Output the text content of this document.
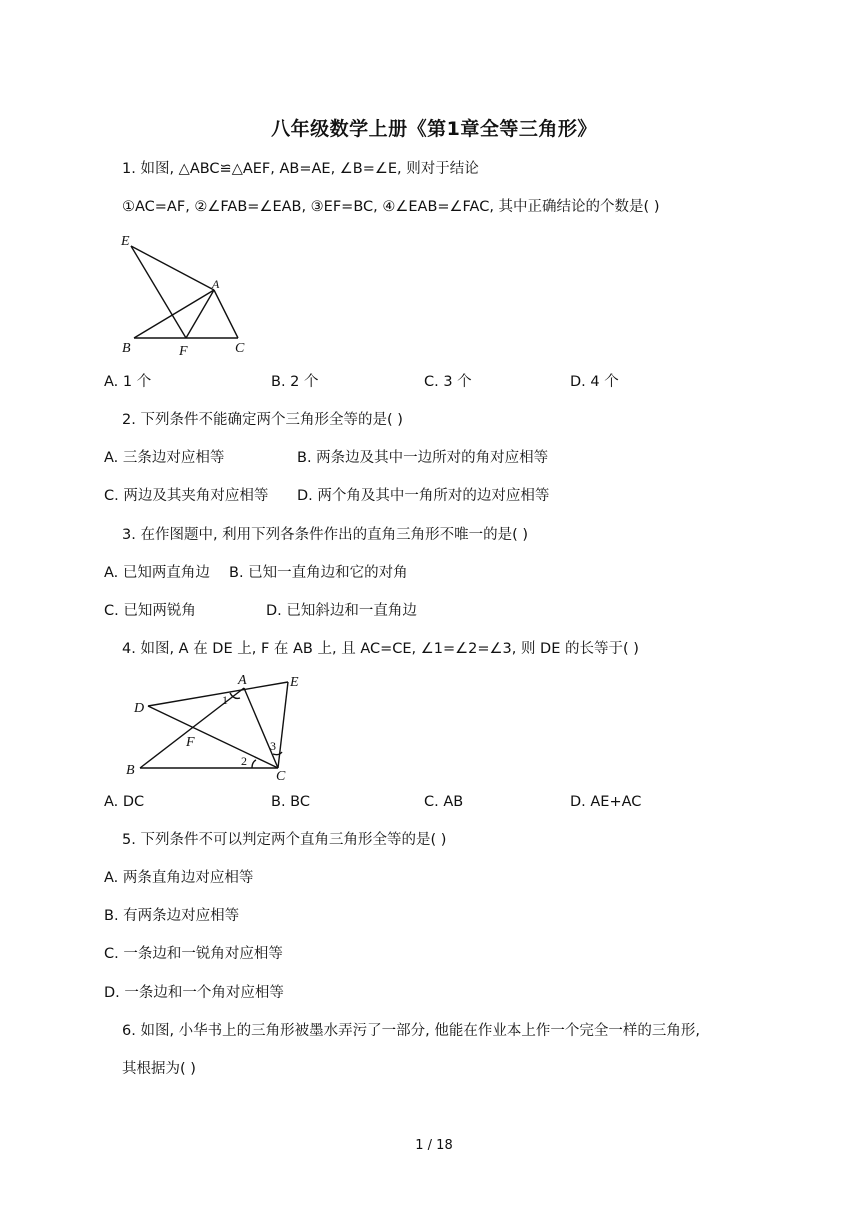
八年级数学上册《第1章全等三角形》
1. 如图, △ABC≌△AEF, AB=AE, ∠B=∠E, 则对于结论
①AC=AF, ②∠FAB=∠EAB, ③EF=BC, ④∠EAB=∠FAC, 其中正确结论的个数是( )
E
A
B	F	C
A. 1 个	B. 2 个	C. 3 个	D. 4 个
2. 下列条件不能确定两个三角形全等的是( )
A. 三条边对应相等	B. 两条边及其中一边所对的角对应相等
C. 两边及其夹角对应相等 D. 两个角及其中一角所对的边对应相等
3. 在作图题中, 利用下列各条件作出的直角三角形不唯一的是( )
A. 已知两直角边 B. 已知一直角边和它的对角
C. 已知两锐角	D. 已知斜边和一直角边
4. 如图, A 在 DE 上, F 在 AB 上, 且 AC=CE, ∠1=∠2=∠3, 则 DE 的长等于( )
A	E
D
1
F	3
B
2
C
A. DC	B. BC	C. AB	D. AE+AC
5. 下列条件不可以判定两个直角三角形全等的是( )
A. 两条直角边对应相等
B. 有两条边对应相等
C. 一条边和一锐角对应相等
D. 一条边和一个角对应相等
6. 如图, 小华书上的三角形被墨水弄污了一部分, 他能在作业本上作一个完全一样的三角形,
其根据为( )
1 / 18
